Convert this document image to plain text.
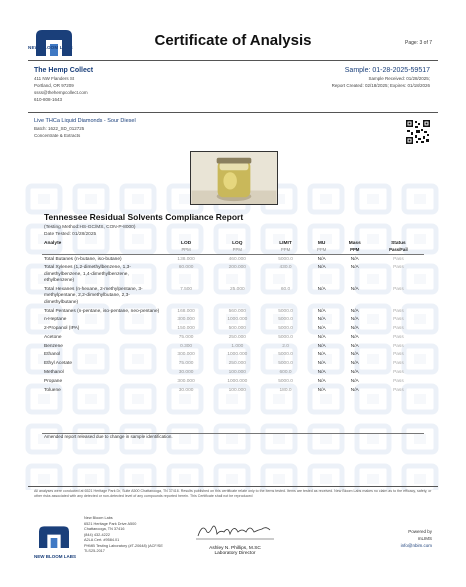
Certificate of Analysis	Page: 3 of 7
NEW BLOOM LABS
The Hemp Collect
411 NW Flanders St
Portland, OR 97209
ssss@thehempcollect.com
610-808-1643
Sample: 01-28-2025-59517
Sample Received: 01/28/2025;
Report Created: 02/18/2025; Expires: 01/18/2026
Live THCa Liquid Diamonds - Sour Diesel
Batch: 1622_SD_012725
Concentrate & Extracts
Tennessee Residual Solvents Compliance Report
(Testing Method:HS-GC/MS, CON-P-8000)
Date Tested: 01/28/2025
Analyte	LOD	LOQ	LIMIT	MU	Mass	Status
	PPM	PPM	PPM	PPM	PPM	Pass/Fail
Total Butanes (n-butane, iso-butane)	138.000	460.000	5000.0	N/A	N/A	Pass
Total Xylenes (1,2-dimethylbenzene, 1,3-dimethylbenzene, 1,4-dimethylbenzene, ethylbenzene)	60.000	200.000	430.0	N/A	N/A	Pass
Total Hexanes (n-hexane, 2-methylpentane, 3-methylpentane, 2,2-dimethylbutane, 2,3-dimethylbutane)	7.500	25.000	60.0	N/A	N/A	Pass
Total Pentanes (n-pentane, iso-pentane, neo-pentane)	168.000	560.000	5000.0	N/A	N/A	Pass
n-Heptane	300.000	1000.000	5000.0	N/A	N/A	Pass
2-Propanol (IPA)	150.000	500.000	5000.0	N/A	N/A	Pass
Acetone	75.000	250.000	5000.0	N/A	N/A	Pass
Benzene	0.300	1.000	2.0	N/A	N/A	Pass
Ethanol	300.000	1000.000	5000.0	N/A	N/A	Pass
Ethyl Acetate	75.000	250.000	5000.0	N/A	N/A	Pass
Methanol	30.000	100.000	600.0	N/A	N/A	Pass
Propane	300.000	1000.000	5000.0	N/A	N/A	Pass
Toluene	30.000	100.000	180.0	N/A	N/A	Pass
Amended report released due to change in sample identification.
All analyses were conducted at 6521 Heritage Park Dr, Suite A500 Chattanooga, TN 37416. Results published on this certificate relate only to the items tested. Items are tested as received. New Bloom Labs makes no claim as to the efficacy, safety, or other risks associated with any detected or non-detected level of any compounds reported herein. This Certificate shall not be reproduced
NEW BLOOM LABS
New Bloom Labs
6521 Heritage Park Drive A500
Chattanooga, TN 37416
(844) 432-4222
A2LA Cert. #9584.01
PHMB Testing Laboratory (#T-20648) (ACF/SE
TLS25-2017	Ashley N. Phillips, M.SC
Laboratory Director
Powered by
mLIMS
info@nbim.com
